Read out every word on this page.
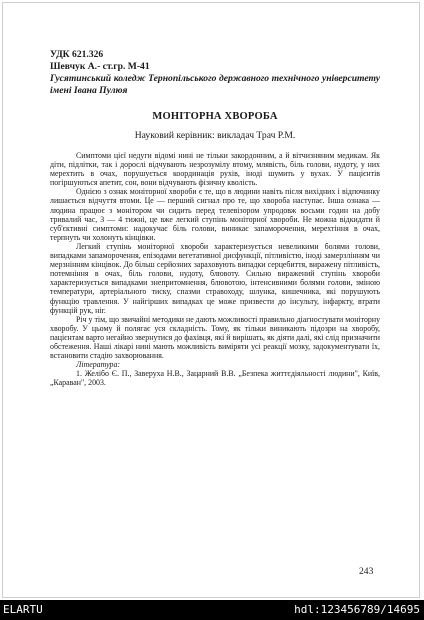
УДК 621.326

Шевчук А.- ст.гр. М-41

Гусятинський коледж Тернопільського державного технічного університету імені Івана Пулюя

МОНІТОРНА ХВОРОБА

Науковий керівник: викладач Трач Р.М.

Симптоми цієї недуги відомі нині не тільки закордонним, а й вітчизняним медикам. Як діти, підлітки, так і дорослі відчувають незрозумілу втому, млявість, біль голови, нудоту, у них мерехтить в очах, порушується координація рухів, іноді шумить у вухах. У пацієнтів погіршуються апетит, сон, вони відчувають фізичну кволість.

Однією з ознак моніторної хвороби є те, що в людини навіть після вихідних і відпочинку лишається відчуття втоми. Це — перший сигнал про те, що хвороба наступає. Інша ознака — людина працює з монітором чи сидить перед телевізором упродовж восьми годин на добу тривалий час, 3 — 4 тижні, це вже легкий ступінь моніторної хвороби. Не можна відкидати й суб'єктивні симптоми: надокучає біль голови, виникає запаморочення, мерехтіння в очах, терпнуть чи холонуть кінцівки.

Легкий ступінь моніторної хвороби характеризується невеликими болями голови, випадками запаморочення, епізодами вегетативної дисфункції, пітливістю, іноді замерзлінням чи мерзнінням кінцівок. До більш серйозних зараховують випадки серцебиття, виражену пітливість, потемніння в очах, біль голови, нудоту, блювоту. Сильно виражений ступінь хвороби характеризується випадками знепритомнення, блювотою, інтенсивними болями голови, зміною температури, артеріального тиску, спазми стравоходу, шлунка, кишечника, які порушують функцію травлення. У найгірших випадках це може призвести до інсульту, інфаркту, втрати функцій рук, ніг.

Річ у тім, що звичайні методики не дають можливості правильно діагностувати моніторну хворобу. У цьому й полягає уся складність. Тому, як тільки виникають підозри на хворобу, пацієнтам варто негайно звернутися до фахівця, які й вирішать, як діяти далі, які слід призначити обстеження. Наші лікарі нині мають можливість виміряти усі реакції мозку, задокументувати їх, встановити стадію захворювання.

Література:

1. Желібо Є. П., Заверуха Н.В., Зацарний В.В. „Безпека життєдіяльності людини", Київ, „Караван", 2003.

243
ELARTU	hdl:123456789/14695
